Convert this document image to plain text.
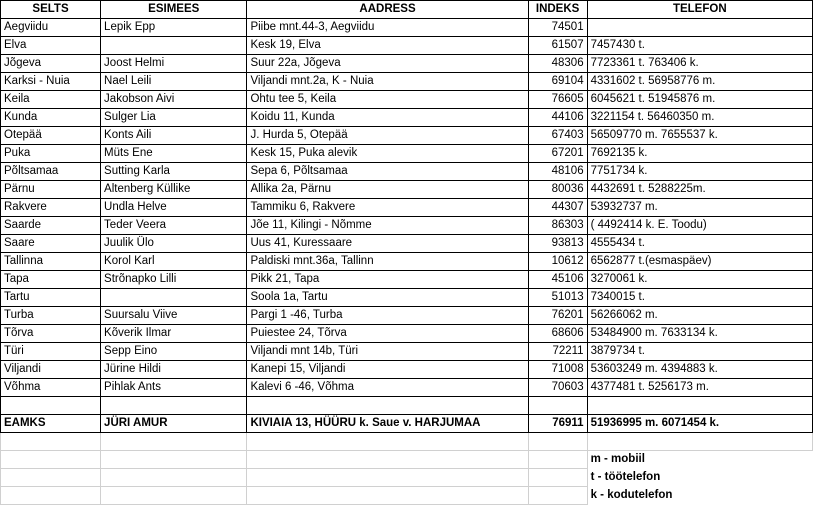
SELTS	ESIMEES	AADRESS	INDEKS	TELEFON
Aegviidu	Lepik Epp	Piibe mnt.44-3, Aegviidu	74501	
Elva		Kesk 19, Elva	61507	7457430 t.
Jõgeva	Joost Helmi	Suur 22a, Jõgeva	48306	7723361 t. 763406 k.
Karksi - Nuia	Nael Leili	Viljandi mnt.2a, K - Nuia	69104	4331602 t. 56958776 m.
Keila	Jakobson Aivi	Ohtu tee 5, Keila	76605	6045621 t. 51945876 m.
Kunda	Sulger Lia	Koidu 11, Kunda	44106	3221154 t. 56460350 m.
Otepää	Konts Aili	J. Hurda 5, Otepää	67403	56509770 m. 7655537 k.
Puka	Müts Ene	Kesk 15, Puka alevik	67201	7692135 k.
Põltsamaa	Sutting Karla	Sepa 6, Põltsamaa	48106	7751734 k.
Pärnu	Altenberg Küllike	Allika 2a, Pärnu	80036	4432691 t. 5288225m.
Rakvere	Undla Helve	Tammiku 6, Rakvere	44307	53932737 m.
Saarde	Teder Veera	Jõe 11, Kilingi - Nõmme	86303	( 4492414 k. E. Toodu)
Saare	Juulik Ülo	Uus 41, Kuressaare	93813	4555434 t.
Tallinna	Korol Karl	Paldiski mnt.36a, Tallinn	10612	6562877 t.(esmaspäev)
Tapa	Strõnapko Lilli	Pikk 21, Tapa	45106	3270061 k.
Tartu		Soola 1a, Tartu	51013	7340015 t.
Turba	Suursalu Viive	Pargi 1 -46, Turba	76201	56266062 m.
Tõrva	Kõverik Ilmar	Puiestee 24, Tõrva	68606	53484900 m. 7633134 k.
Türi	Sepp Eino	Viljandi mnt 14b, Türi	72211	3879734 t.
Viljandi	Jürine Hildi	Kanepi 15, Viljandi	71008	53603249 m. 4394883 k.
Võhma	Pihlak Ants	Kalevi 6 -46, Võhma	70603	4377481 t. 5256173 m.

EAMKS	JÜRI AMUR	KIVIAIA 13, HÜÜRU k. Saue v. HARJUMAA	76911	51936995 m. 6071454 k.

				m - mobiil
				t - töötelefon
				k - kodutelefon
